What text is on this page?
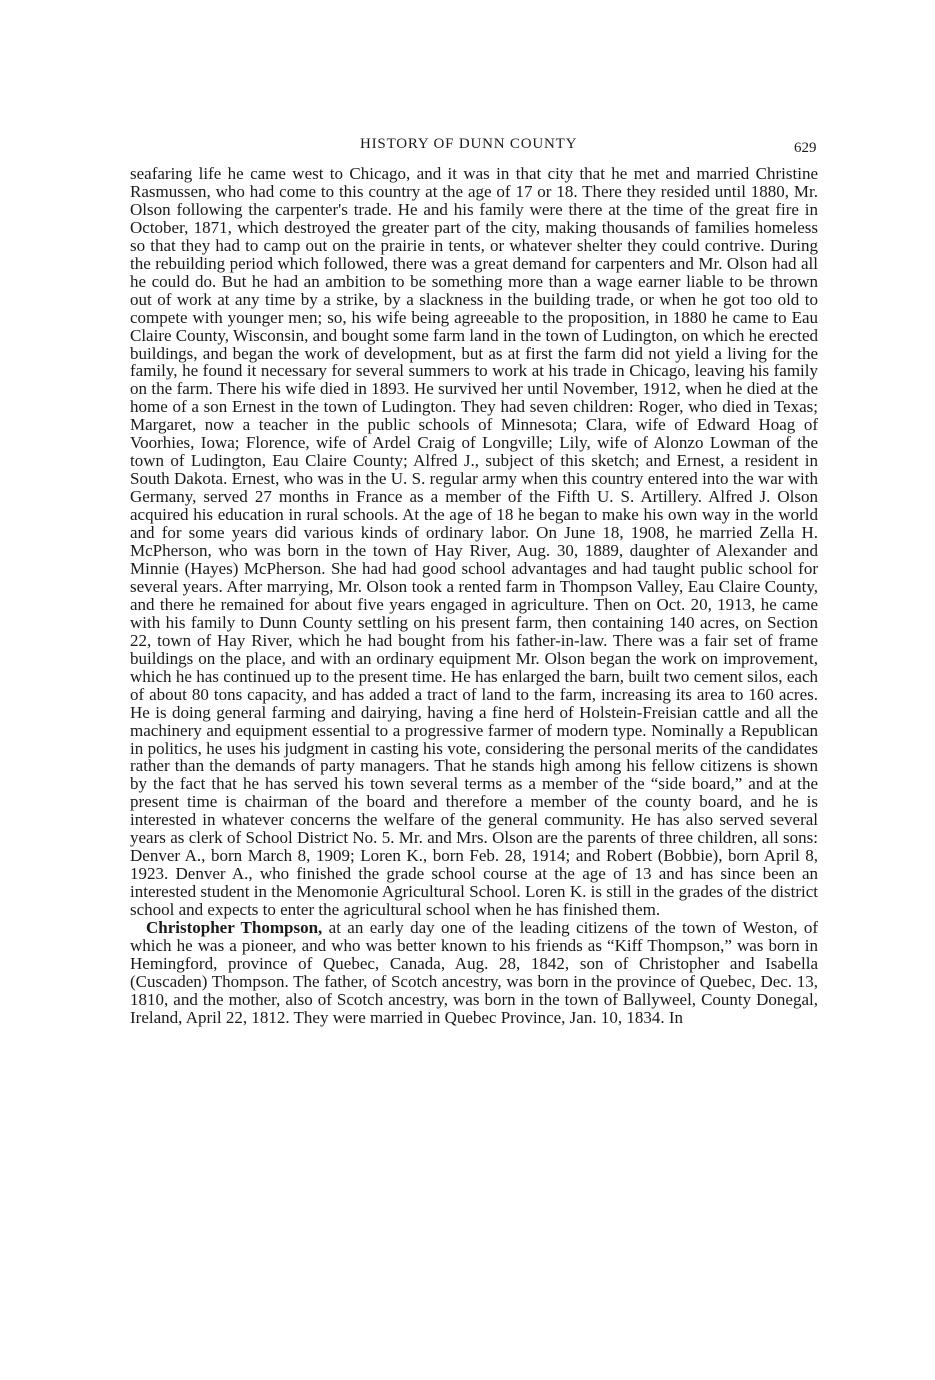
HISTORY OF DUNN COUNTY	629

seafaring life he came west to Chicago, and it was in that city that he met and married Christine Rasmussen, who had come to this country at the age of 17 or 18. There they resided until 1880, Mr. Olson following the carpenter's trade. He and his family were there at the time of the great fire in October, 1871, which destroyed the greater part of the city, making thousands of families homeless so that they had to camp out on the prairie in tents, or whatever shelter they could contrive. During the rebuilding period which followed, there was a great demand for carpenters and Mr. Olson had all he could do. But he had an ambition to be something more than a wage earner liable to be thrown out of work at any time by a strike, by a slackness in the building trade, or when he got too old to compete with younger men; so, his wife being agreeable to the proposition, in 1880 he came to Eau Claire County, Wisconsin, and bought some farm land in the town of Ludington, on which he erected buildings, and began the work of development, but as at first the farm did not yield a living for the family, he found it necessary for several summers to work at his trade in Chicago, leaving his family on the farm. There his wife died in 1893. He survived her until November, 1912, when he died at the home of a son Ernest in the town of Ludington. They had seven children: Roger, who died in Texas; Margaret, now a teacher in the public schools of Minnesota; Clara, wife of Edward Hoag of Voorhies, Iowa; Florence, wife of Ardel Craig of Longville; Lily, wife of Alonzo Lowman of the town of Ludington, Eau Claire County; Alfred J., subject of this sketch; and Ernest, a resident in South Dakota. Ernest, who was in the U. S. regular army when this country entered into the war with Germany, served 27 months in France as a member of the Fifth U. S. Artillery. Alfred J. Olson acquired his education in rural schools. At the age of 18 he began to make his own way in the world and for some years did various kinds of ordinary labor. On June 18, 1908, he married Zella H. McPherson, who was born in the town of Hay River, Aug. 30, 1889, daughter of Alexander and Minnie (Hayes) McPherson. She had had good school advantages and had taught public school for several years. After marrying, Mr. Olson took a rented farm in Thompson Valley, Eau Claire County, and there he remained for about five years engaged in agriculture. Then on Oct. 20, 1913, he came with his family to Dunn County settling on his present farm, then containing 140 acres, on Section 22, town of Hay River, which he had bought from his father-in-law. There was a fair set of frame buildings on the place, and with an ordinary equipment Mr. Olson began the work on improvement, which he has continued up to the present time. He has enlarged the barn, built two cement silos, each of about 80 tons capacity, and has added a tract of land to the farm, increasing its area to 160 acres. He is doing general farming and dairying, having a fine herd of Holstein-Freisian cattle and all the machinery and equipment essential to a progressive farmer of modern type. Nominally a Republican in politics, he uses his judgment in casting his vote, considering the personal merits of the candidates rather than the demands of party managers. That he stands high among his fellow citizens is shown by the fact that he has served his town several terms as a member of the “side board,” and at the present time is chairman of the board and therefore a member of the county board, and he is interested in whatever concerns the welfare of the general community. He has also served several years as clerk of School District No. 5. Mr. and Mrs. Olson are the parents of three children, all sons: Denver A., born March 8, 1909; Loren K., born Feb. 28, 1914; and Robert (Bobbie), born April 8, 1923. Denver A., who finished the grade school course at the age of 13 and has since been an interested student in the Menomonie Agricultural School. Loren K. is still in the grades of the district school and expects to enter the agricultural school when he has finished them.

Christopher Thompson, at an early day one of the leading citizens of the town of Weston, of which he was a pioneer, and who was better known to his friends as “Kiff Thompson,” was born in Hemingford, province of Quebec, Canada, Aug. 28, 1842, son of Christopher and Isabella (Cuscaden) Thompson. The father, of Scotch ancestry, was born in the province of Quebec, Dec. 13, 1810, and the mother, also of Scotch ancestry, was born in the town of Ballyweel, County Donegal, Ireland, April 22, 1812. They were married in Quebec Province, Jan. 10, 1834. In
